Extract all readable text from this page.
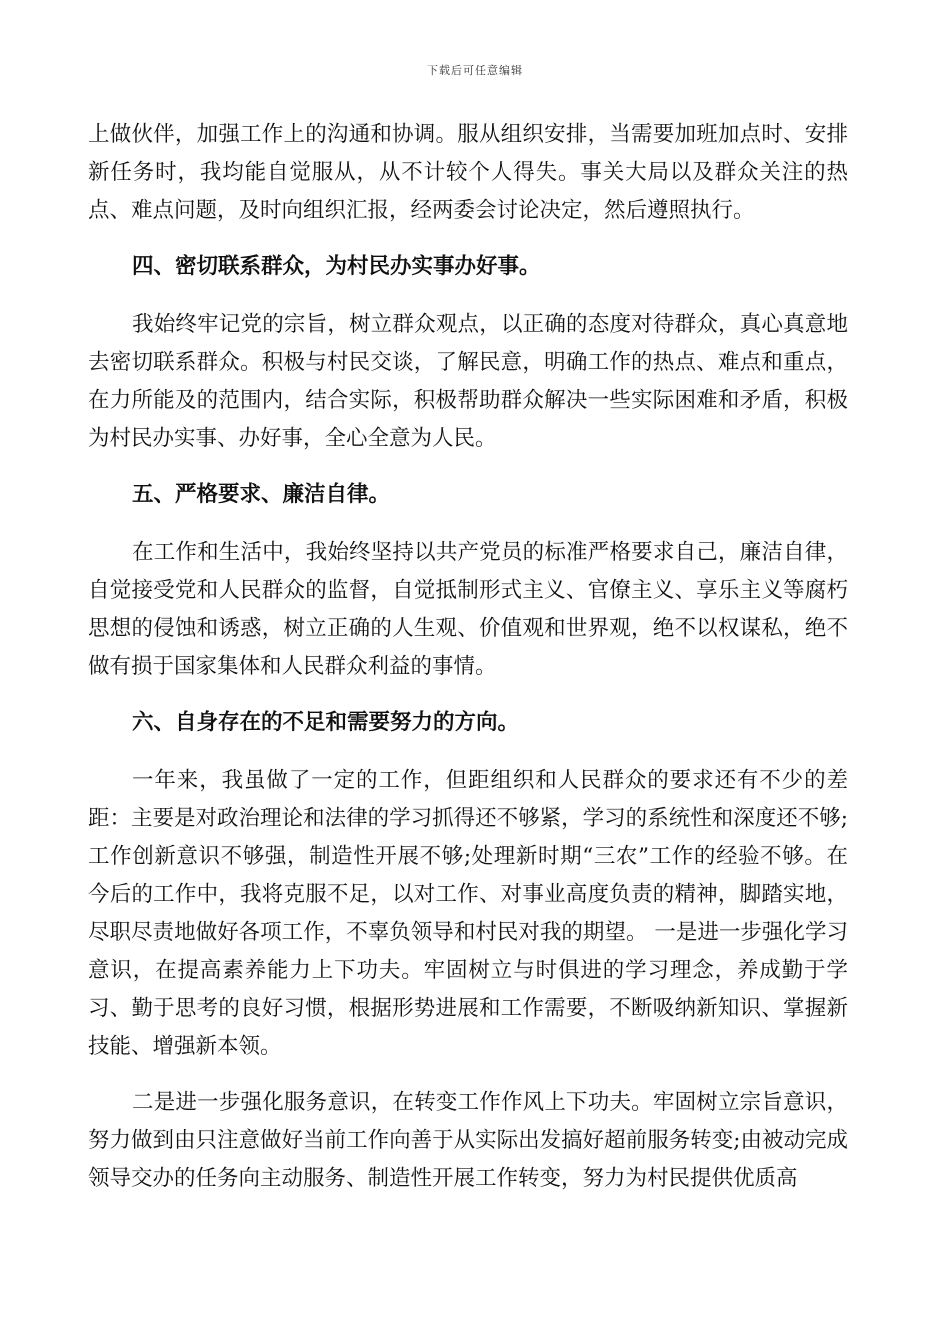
下载后可任意编辑

上做伙伴，加强工作上的沟通和协调。服从组织安排，当需要加班加点时、安排新任务时，我均能自觉服从，从不计较个人得失。事关大局以及群众关注的热点、难点问题，及时向组织汇报，经两委会讨论决定，然后遵照执行。

四、密切联系群众，为村民办实事办好事。

我始终牢记党的宗旨，树立群众观点，以正确的态度对待群众，真心真意地去密切联系群众。积极与村民交谈，了解民意，明确工作的热点、难点和重点，在力所能及的范围内，结合实际，积极帮助群众解决一些实际困难和矛盾，积极为村民办实事、办好事，全心全意为人民。

五、严格要求、廉洁自律。

在工作和生活中，我始终坚持以共产党员的标准严格要求自己，廉洁自律，自觉接受党和人民群众的监督，自觉抵制形式主义、官僚主义、享乐主义等腐朽思想的侵蚀和诱惑，树立正确的人生观、价值观和世界观，绝不以权谋私，绝不做有损于国家集体和人民群众利益的事情。

六、自身存在的不足和需要努力的方向。

一年来，我虽做了一定的工作，但距组织和人民群众的要求还有不少的差距：主要是对政治理论和法律的学习抓得还不够紧，学习的系统性和深度还不够;工作创新意识不够强，制造性开展不够;处理新时期“三农”工作的经验不够。在今后的工作中，我将克服不足，以对工作、对事业高度负责的精神，脚踏实地，尽职尽责地做好各项工作，不辜负领导和村民对我的期望。 一是进一步强化学习意识，在提高素养能力上下功夫。牢固树立与时俱进的学习理念，养成勤于学习、勤于思考的良好习惯，根据形势进展和工作需要，不断吸纳新知识、掌握新技能、增强新本领。

二是进一步强化服务意识，在转变工作作风上下功夫。牢固树立宗旨意识，努力做到由只注意做好当前工作向善于从实际出发搞好超前服务转变;由被动完成领导交办的任务向主动服务、制造性开展工作转变，努力为村民提供优质高
